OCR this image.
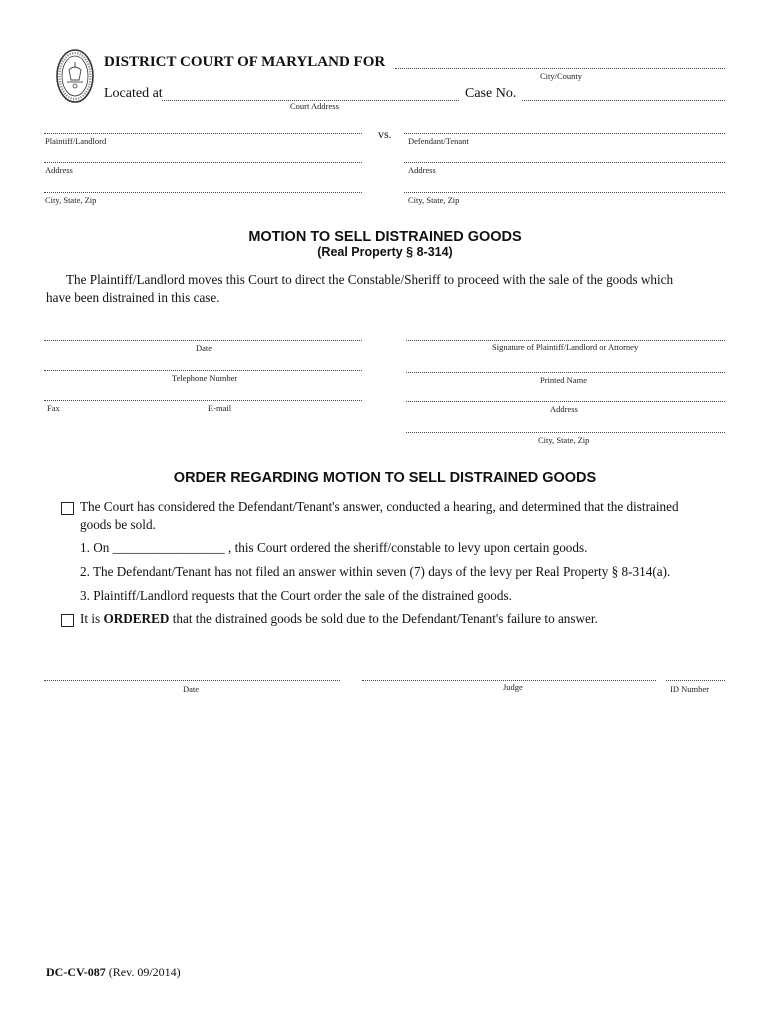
DISTRICT COURT OF MARYLAND FOR
City/County
Located at
Court Address
Case No.
Plaintiff/Landlord	vs. Defendant/Tenant
Address	Address
City, State, Zip	City, State, Zip
MOTION TO SELL DISTRAINED GOODS
(Real Property § 8-314)
The Plaintiff/Landlord moves this Court to direct the Constable/Sheriff to proceed with the sale of the goods which
have been distrained in this case.
Date	Signature of Plaintiff/Landlord or Attorney
Telephone Number	Printed Name
Fax	E-mail	Address
City, State, Zip
ORDER REGARDING MOTION TO SELL DISTRAINED GOODS
The Court has considered the Defendant/Tenant's answer, conducted a hearing, and determined that the distrained
goods be sold.
1. On _________________ , this Court ordered the sheriff/constable to levy upon certain goods.
2. The Defendant/Tenant has not filed an answer within seven (7) days of the levy per Real Property § 8-314(a).
3. Plaintiff/Landlord requests that the Court order the sale of the distrained goods.
It is ORDERED that the distrained goods be sold due to the Defendant/Tenant's failure to answer.
Date	Judge	ID Number
DC-CV-087 (Rev. 09/2014)
